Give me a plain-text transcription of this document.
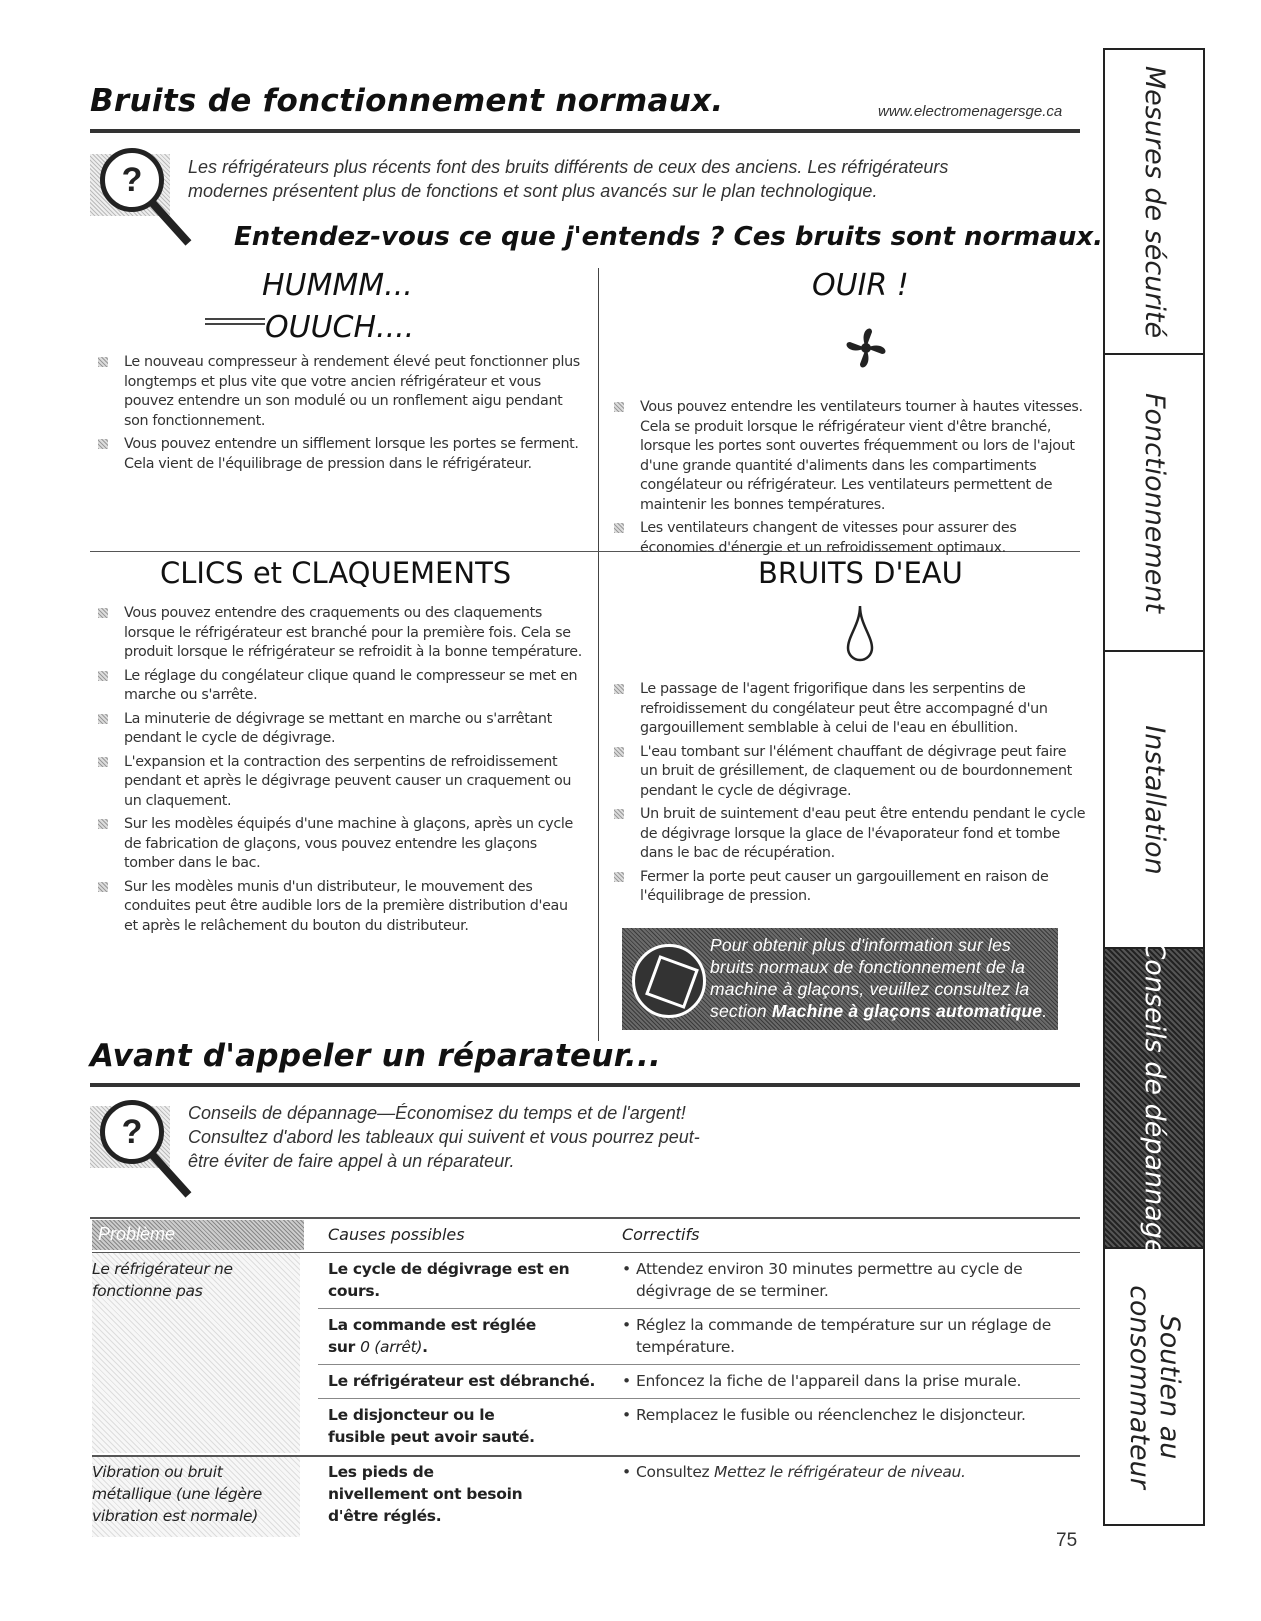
Bruits de fonctionnement normaux.	www.electromenagersge.ca
?	Les réfrigérateurs plus récents font des bruits différents de ceux des anciens. Les réfrigérateurs
modernes présentent plus de fonctions et sont plus avancés sur le plan technologique.
Entendez-vous ce que j'entends ? Ces bruits sont normaux.
HUMMM...
OUUCH....
Le nouveau compresseur à rendement élevé peut fonctionner plus longtemps et plus vite que votre ancien réfrigérateur et vous pouvez entendre un son modulé ou un ronflement aigu pendant son fonctionnement.
Vous pouvez entendre un sifflement lorsque les portes se ferment. Cela vient de l'équilibrage de pression dans le réfrigérateur.
OUIR !
Vous pouvez entendre les ventilateurs tourner à hautes vitesses. Cela se produit lorsque le réfrigérateur vient d'être branché, lorsque les portes sont ouvertes fréquemment ou lors de l'ajout d'une grande quantité d'aliments dans les compartiments congélateur ou réfrigérateur. Les ventilateurs permettent de maintenir les bonnes températures.
Les ventilateurs changent de vitesses pour assurer des économies d'énergie et un refroidissement optimaux.
CLICS et CLAQUEMENTS
Vous pouvez entendre des craquements ou des claquements lorsque le réfrigérateur est branché pour la première fois. Cela se produit lorsque le réfrigérateur se refroidit à la bonne température.
Le réglage du congélateur clique quand le compresseur se met en marche ou s'arrête.
La minuterie de dégivrage se mettant en marche ou s'arrêtant pendant le cycle de dégivrage.
L'expansion et la contraction des serpentins de refroidissement pendant et après le dégivrage peuvent causer un craquement ou un claquement.
Sur les modèles équipés d'une machine à glaçons, après un cycle de fabrication de glaçons, vous pouvez entendre les glaçons tomber dans le bac.
Sur les modèles munis d'un distributeur, le mouvement des conduites peut être audible lors de la première distribution d'eau et après le relâchement du bouton du distributeur.
BRUITS D'EAU
Le passage de l'agent frigorifique dans les serpentins de refroidissement du congélateur peut être accompagné d'un gargouillement semblable à celui de l'eau en ébullition.
L'eau tombant sur l'élément chauffant de dégivrage peut faire un bruit de grésillement, de claquement ou de bourdonnement pendant le cycle de dégivrage.
Un bruit de suintement d'eau peut être entendu pendant le cycle de dégivrage lorsque la glace de l'évaporateur fond et tombe dans le bac de récupération.
Fermer la porte peut causer un gargouillement en raison de l'équilibrage de pression.
Pour obtenir plus d'information sur les bruits normaux de fonctionnement de la machine à glaçons, veuillez consultez la section Machine à glaçons automatique.
Avant d'appeler un réparateur...
?	Conseils de dépannage—Économisez du temps et de l'argent!
Consultez d'abord les tableaux qui suivent et vous pourrez peut-
être éviter de faire appel à un réparateur.
Problème	Causes possibles	Correctifs
Le réfrigérateur ne fonctionne pas
Le cycle de dégivrage est en cours.
• Attendez environ 30 minutes permettre au cycle de dégivrage de se terminer.
La commande est réglée
sur 0 (arrêt).
• Réglez la commande de température sur un réglage de température.
Le réfrigérateur est débranché.
•	Enfoncez la fiche de l'appareil dans la prise murale.
Le disjoncteur ou le fusible peut avoir sauté.
• Remplacez le fusible ou réenclenchez le disjoncteur.
Vibration ou bruit métallique (une légère vibration est normale)
Les pieds de nivellement ont besoin d'être réglés.
• Consultez Mettez le réfrigérateur de niveau.
75
Mesures de sécurité
Fonctionnement
Installation
Conseils de dépannage
Soutien au
consommateur
